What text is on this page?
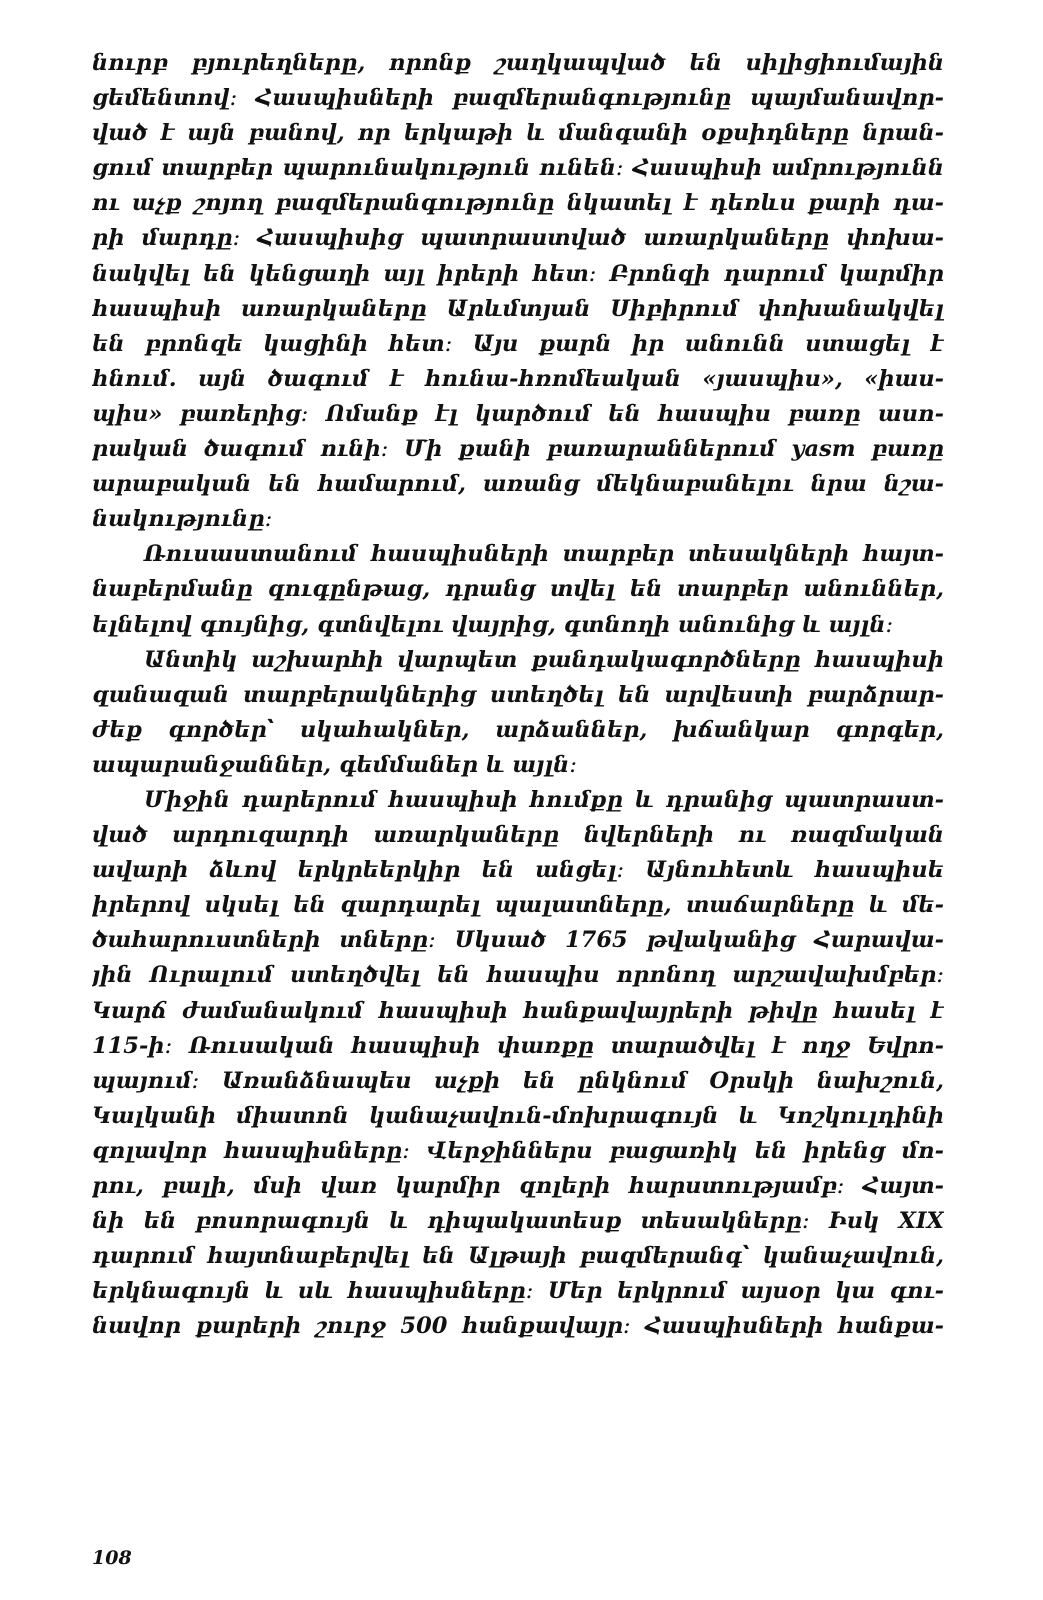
նուրբ բյուրեղները, որոնք շաղկապված են սիլիցիումային
ցեմենտով։ Հասպիսների բազմերանգությունը պայմանավոր-
ված է այն բանով, որ երկաթի և մանգանի օքսիդները նրան-
ցում տարբեր պարունակություն ունեն։ Հասպիսի ամրությունն
ու աչք շոյող բազմերանգությունը նկատել է դեռևս քարի դա-
րի մարդը։ Հասպիսից պատրաստված առարկաները փոխա-
նակվել են կենցաղի այլ իրերի հետ։ Բրոնզի դարում կարմիր
հասպիսի առարկաները Արևմտյան Սիբիրում փոխանակվել
են բրոնզե կացինի հետ։ Այս քարն իր անունն ստացել է
հնում. այն ծագում է հունա-հռոմեական «յասպիս», «իաս-
պիս» բառերից։ Ոմանք էլ կարծում են հասպիս բառը ասո-
րական ծագում ունի։ Մի քանի բառարաններում yasm բառը
արաբական են համարում, առանց մեկնաբանելու նրա նշա-
նակությունը։
Ռուսաստանում հասպիսների տարբեր տեսակների հայտ-
նաբերմանը զուգընթաց, դրանց տվել են տարբեր անուններ,
ելնելով գույնից, գտնվելու վայրից, գտնողի անունից և այլն։
Անտիկ աշխարհի վարպետ քանդակագործները հասպիսի
զանազան տարբերակներից ստեղծել են արվեստի բարձրար-
ժեք գործեր՝ սկահակներ, արձաններ, խճանկար գորգեր,
ապարանջաններ, գեմմաներ և այլն։
Միջին դարերում հասպիսի հումքը և դրանից պատրաստ-
ված արդուզարդի առարկաները նվերների ու ռազմական
ավարի ձևով երկրեերկիր են անցել։ Այնուհետև հասպիսե
իրերով սկսել են զարդարել պալատները, տաճարները և մե-
ծահարուստների տները։ Սկսած 1765 թվականից Հարավա-
յին Ուրալում ստեղծվել են հասպիս որոնող արշավախմբեր։
Կարճ ժամանակում հասպիսի հանքավայրերի թիվը հասել է
115-ի։ Ռուսական հասպիսի փառքը տարածվել է ողջ Եվրո-
պայում։ Առանձնապես աչքի են ընկնում Օրսկի նախշուն,
Կալկանի միատոն կանաչավուն-մոխրագույն և Կոշկուլդինի
զոլավոր հասպիսները։ Վերջիններս բացառիկ են իրենց մո-
րու, բալի, մսի վառ կարմիր զոլերի հարստությամբ։ Հայտ-
նի են բոսորագույն և դիպակատեսք տեսակները։ Իսկ XIX
դարում հայտնաբերվել են Ալթայի բազմերանգ՝ կանաչավուն,
երկնագույն և սև հասպիսները։ Մեր երկրում այսօր կա գու-
նավոր քարերի շուրջ 500 հանքավայր։ Հասպիսների հանքա-
108
